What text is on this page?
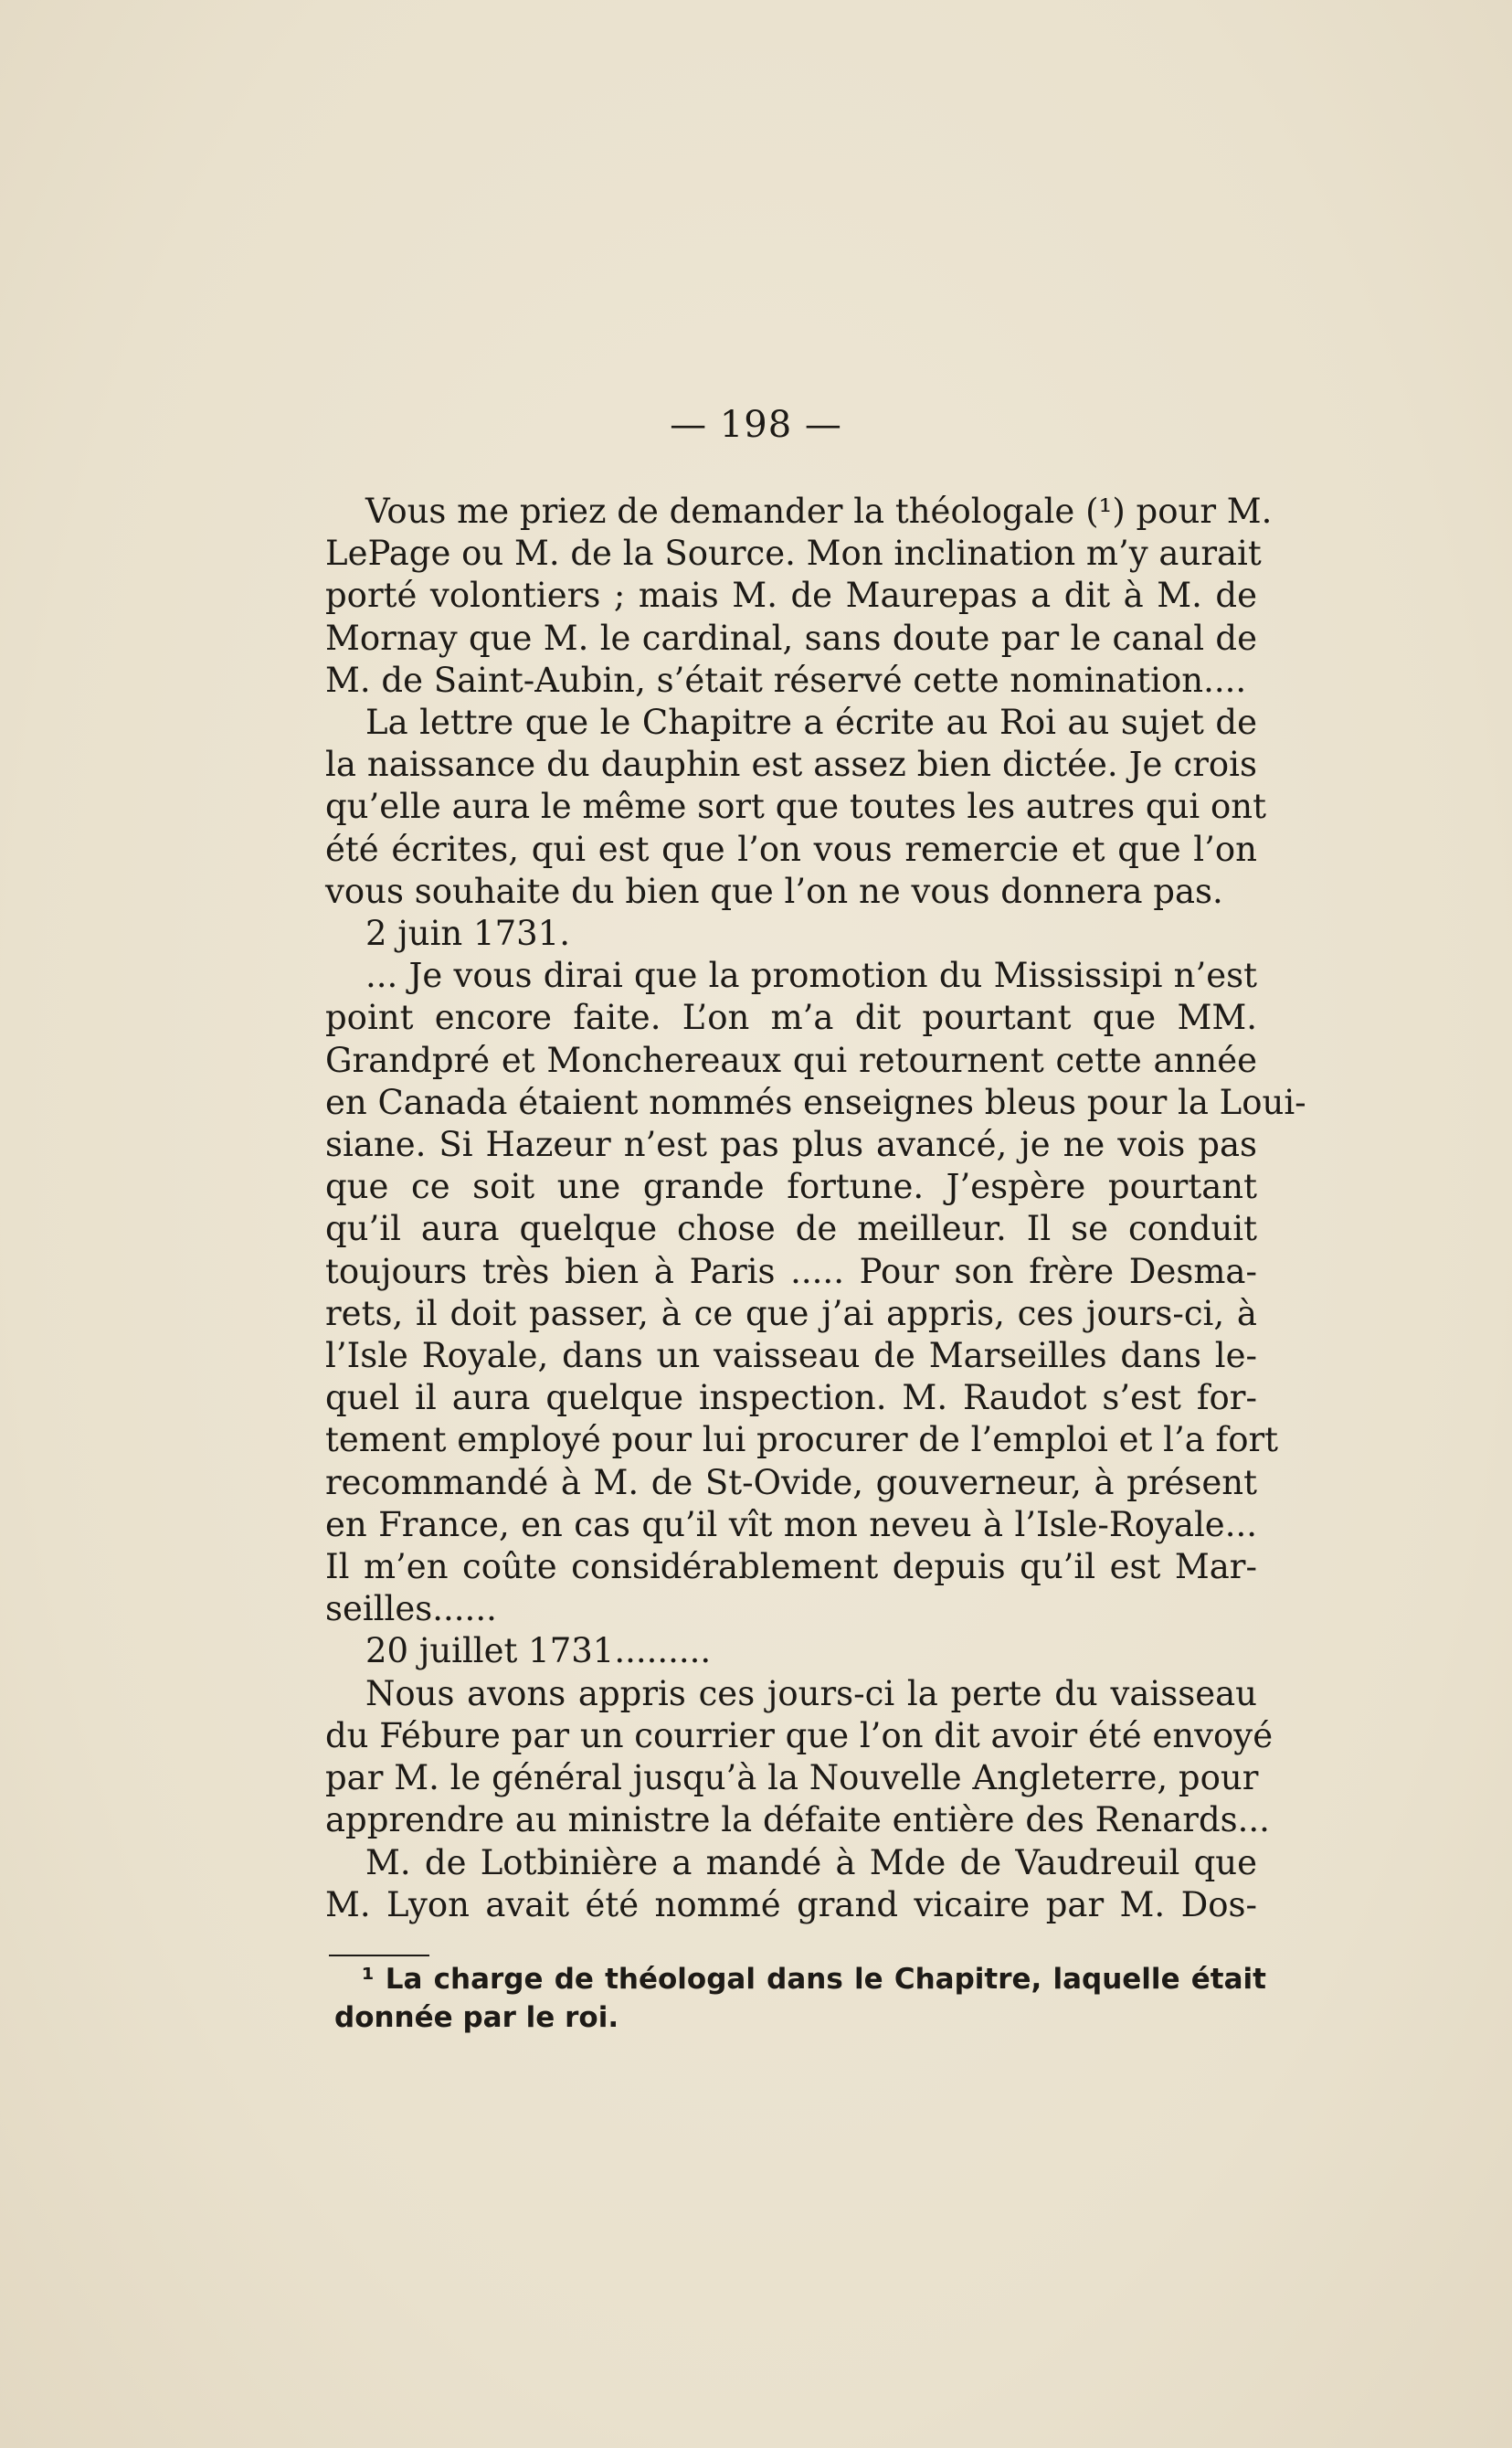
— 198 —
Vous me priez de demander la théologale (¹) pour M.
LePage ou M. de la Source. Mon inclination m’y aurait
porté volontiers ; mais M. de Maurepas a dit à M. de
Mornay que M. le cardinal, sans doute par le canal de
M. de Saint-Aubin, s’était réservé cette nomination....
La lettre que le Chapitre a écrite au Roi au sujet de
la naissance du dauphin est assez bien dictée. Je crois
qu’elle aura le même sort que toutes les autres qui ont
été écrites, qui est que l’on vous remercie et que l’on
vous souhaite du bien que l’on ne vous donnera pas.
2 juin 1731.
... Je vous dirai que la promotion du Mississipi n’est
point encore faite. L’on m’a dit pourtant que MM.
Grandpré et Monchereaux qui retournent cette année
en Canada étaient nommés enseignes bleus pour la Loui-
siane. Si Hazeur n’est pas plus avancé, je ne vois pas
que ce soit une grande fortune. J’espère pourtant
qu’il aura quelque chose de meilleur. Il se conduit
toujours très bien à Paris ..... Pour son frère Desma-
rets, il doit passer, à ce que j’ai appris, ces jours-ci, à
l’Isle Royale, dans un vaisseau de Marseilles dans le-
quel il aura quelque inspection. M. Raudot s’est for-
tement employé pour lui procurer de l’emploi et l’a fort
recommandé à M. de St-Ovide, gouverneur, à présent
en France, en cas qu’il vît mon neveu à l’Isle-Royale...
Il m’en coûte considérablement depuis qu’il est Mar-
seilles......
20 juillet 1731.........
Nous avons appris ces jours-ci la perte du vaisseau
du Fébure par un courrier que l’on dit avoir été envoyé
par M. le général jusqu’à la Nouvelle Angleterre, pour
apprendre au ministre la défaite entière des Renards...
M. de Lotbinière a mandé à Mde de Vaudreuil que
M. Lyon avait été nommé grand vicaire par M. Dos-
¹ La charge de théologal dans le Chapitre, laquelle était
donnée par le roi.
